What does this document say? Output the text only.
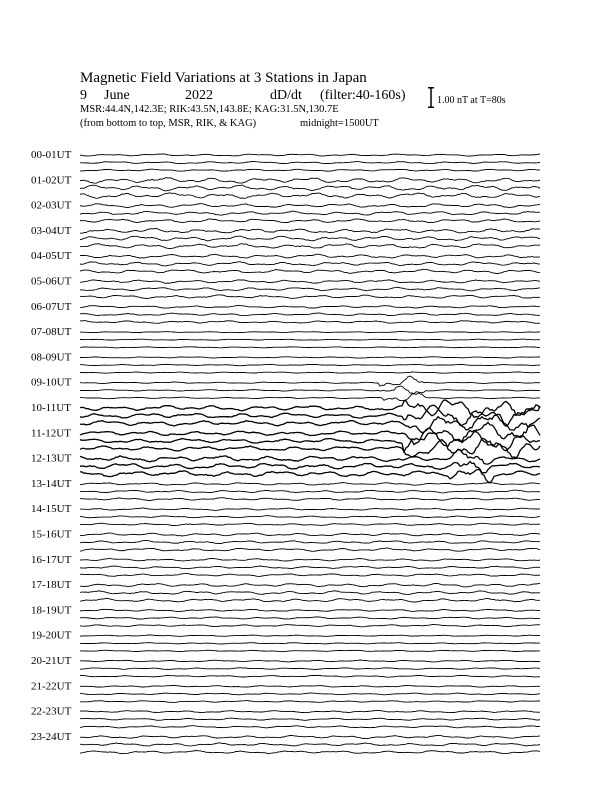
Magnetic Field Variations at 3 Stations in Japan
9 June	2022	dD/dt (filter:40-160s)
MSR:44.4N,142.3E; RIK:43.5N,143.8E; KAG:31.5N,130.7E
(from bottom to top, MSR, RIK, & KAG)	midnight=1500UT
1.00 nT at T=80s
00-01UT
01-02UT
02-03UT
03-04UT
04-05UT
05-06UT
06-07UT
07-08UT
08-09UT
09-10UT
10-11UT
11-12UT
12-13UT
13-14UT
14-15UT
15-16UT
16-17UT
17-18UT
18-19UT
19-20UT
20-21UT
21-22UT
22-23UT
23-24UT
